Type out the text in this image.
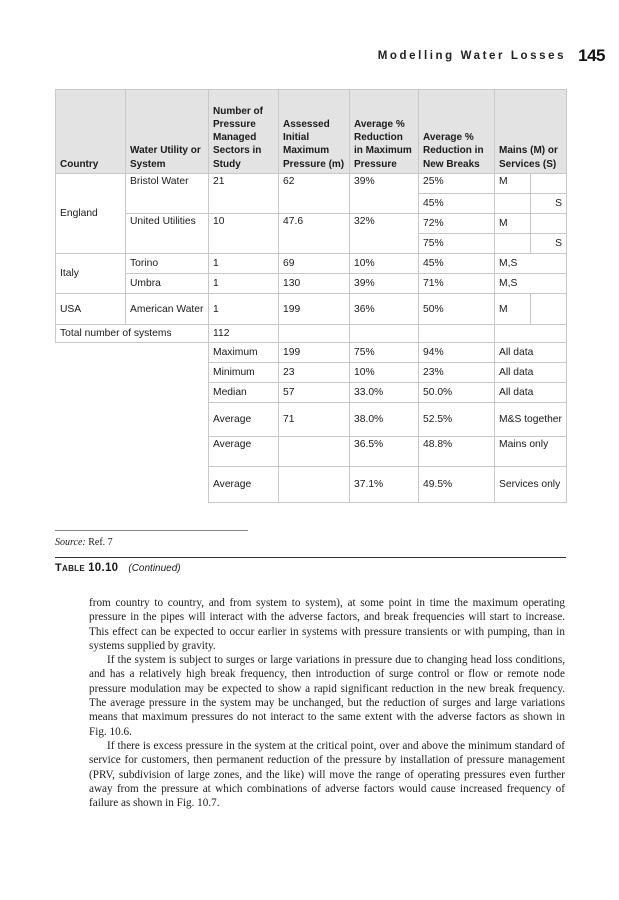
Modelling Water Losses 145
Country	Water Utility or System	Number of Pressure Managed Sectors in Study	Assessed Initial Maximum Pressure (m)	Average % Reduction in Maximum Pressure	Average % Reduction in New Breaks	Mains (M) or Services (S)	
England	Bristol Water	21	62	39%	25%	M	
					45%		S
	United Utilities	10	47.6	32%	72%	M	
					75%		S
Italy	Torino	1	69	10%	45%	M,S	
	Umbra	1	130	39%	71%	M,S	
USA	American Water	1	199	36%	50%	M	
Total number of systems		112					
		Maximum	199	75%	94%	All data	
		Minimum	23	10%	23%	All data	
		Median	57	33.0%	50.0%	All data	
		Average	71	38.0%	52.5%	M&S together	
		Average		36.5%	48.8%	Mains only	
		Average		37.1%	49.5%	Services only	
Source: Ref. 7
Table 10.10 (Continued)

from country to country, and from system to system), at some point in time the maximum operating pressure in the pipes will interact with the adverse factors, and break frequencies will start to increase. This effect can be expected to occur earlier in systems with pressure transients or with pumping, than in systems supplied by gravity.

If the system is subject to surges or large variations in pressure due to changing head loss conditions, and has a relatively high break frequency, then introduction of surge control or flow or remote node pressure modulation may be expected to show a rapid significant reduction in the new break frequency. The average pressure in the system may be unchanged, but the reduction of surges and large variations means that maximum pressures do not interact to the same extent with the adverse factors as shown in Fig. 10.6.

If there is excess pressure in the system at the critical point, over and above the minimum standard of service for customers, then permanent reduction of the pressure by installation of pressure management (PRV, subdivision of large zones, and the like) will move the range of operating pressures even further away from the pressure at which combinations of adverse factors would cause increased frequency of failure as shown in Fig. 10.7.
